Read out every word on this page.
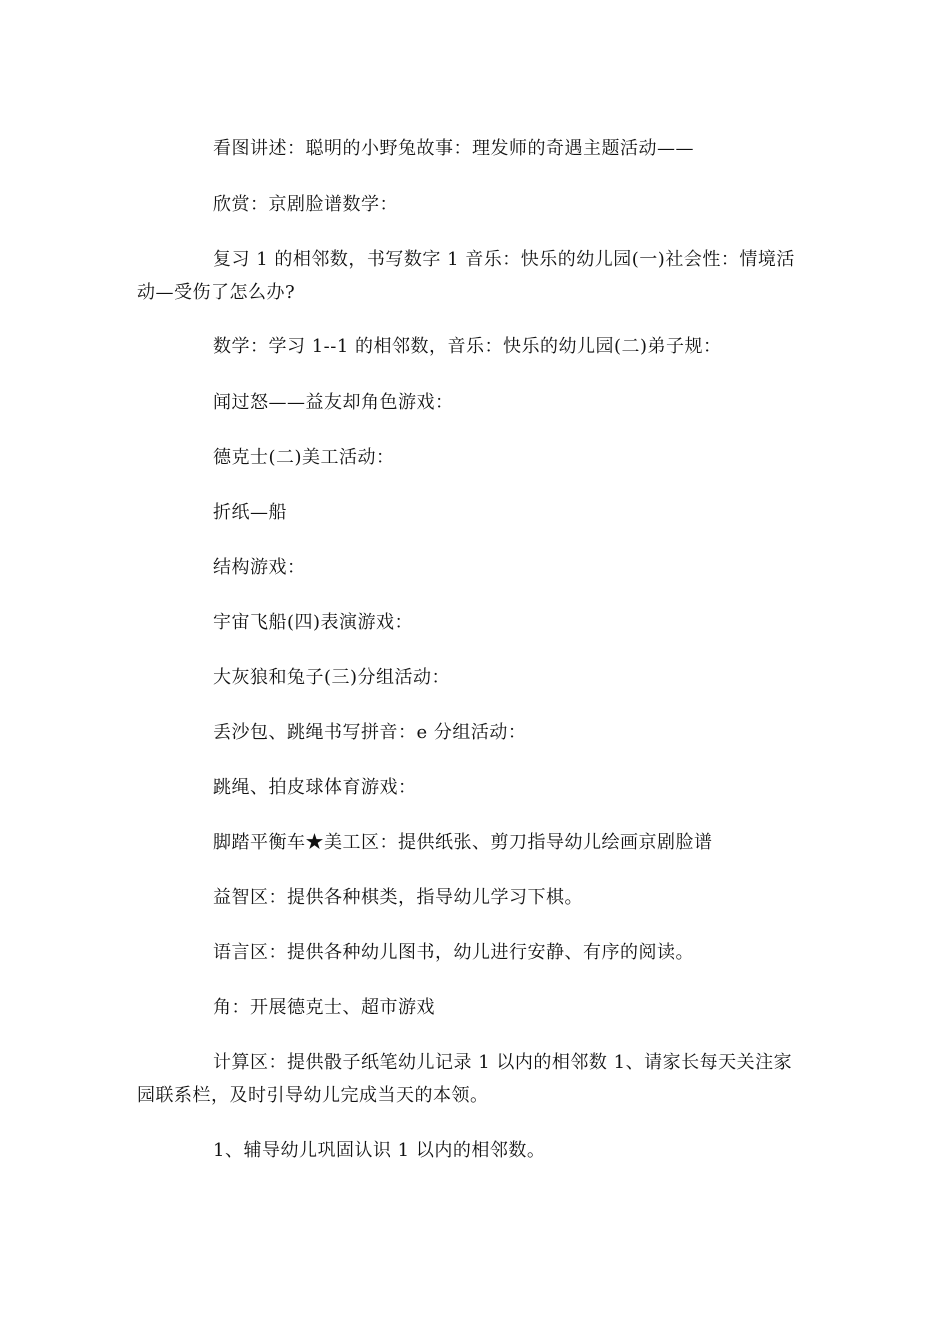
看图讲述：聪明的小野兔故事：理发师的奇遇主题活动——

欣赏：京剧脸谱数学：

复习 1 的相邻数，书写数字 1 音乐：快乐的幼儿园(一)社会性：情境活动—受伤了怎么办?

数学：学习 1--1 的相邻数，音乐：快乐的幼儿园(二)弟子规：

闻过怒——益友却角色游戏：

德克士(二)美工活动：

折纸—船

结构游戏：

宇宙飞船(四)表演游戏：

大灰狼和兔子(三)分组活动：

丢沙包、跳绳书写拼音：e 分组活动：

跳绳、拍皮球体育游戏：

脚踏平衡车★美工区：提供纸张、剪刀指导幼儿绘画京剧脸谱

益智区：提供各种棋类，指导幼儿学习下棋。

语言区：提供各种幼儿图书，幼儿进行安静、有序的阅读。

角：开展德克士、超市游戏

计算区：提供骰子纸笔幼儿记录 1 以内的相邻数 1、请家长每天关注家园联系栏，及时引导幼儿完成当天的本领。

1、辅导幼儿巩固认识 1 以内的相邻数。
